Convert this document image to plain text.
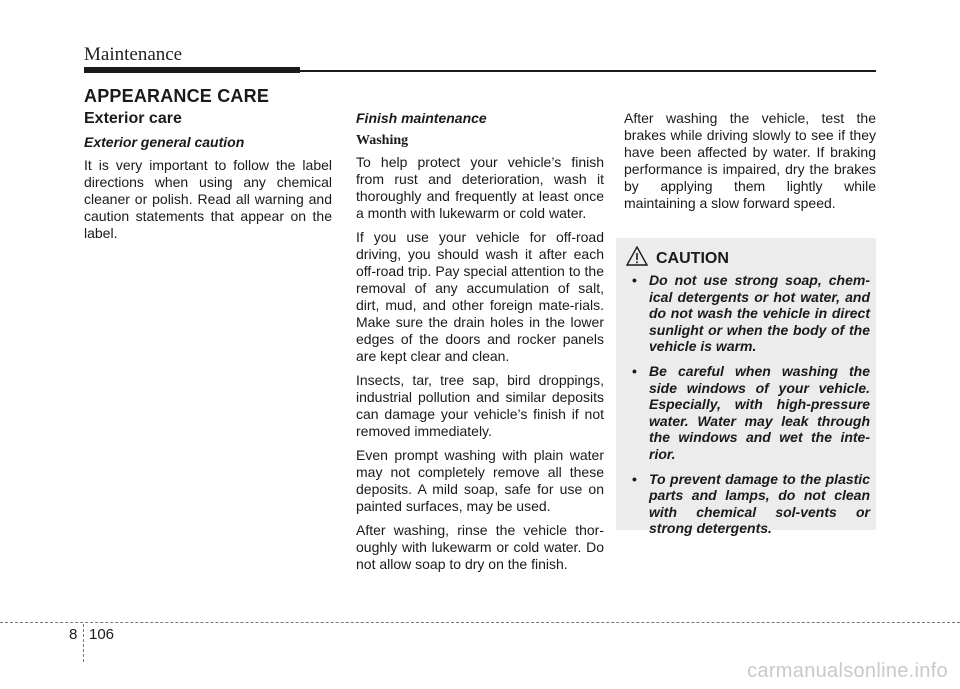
Maintenance
APPEARANCE CARE
Exterior care
Exterior general caution

It is very important to follow the label directions when using any chemical cleaner or polish. Read all warning and caution statements that appear on the label.

Finish maintenance
Washing

To help protect your vehicle’s finish from rust and deterioration, wash it thoroughly and frequently at least once a month with lukewarm or cold water.

If you use your vehicle for off-road driving, you should wash it after each off-road trip. Pay special attention to the removal of any accumulation of salt, dirt, mud, and other foreign mate-rials. Make sure the drain holes in the lower edges of the doors and rocker panels are kept clear and clean.

Insects, tar, tree sap, bird droppings, industrial pollution and similar deposits can damage your vehicle’s finish if not removed immediately.

Even prompt washing with plain water may not completely remove all these deposits. A mild soap, safe for use on painted surfaces, may be used.

After washing, rinse the vehicle thor-oughly with lukewarm or cold water. Do not allow soap to dry on the finish.

After washing the vehicle, test the brakes while driving slowly to see if they have been affected by water. If braking performance is impaired, dry the brakes by applying them lightly while maintaining a slow forward speed.

CAUTION
• Do not use strong soap, chem-ical detergents or hot water, and do not wash the vehicle in direct sunlight or when the body of the vehicle is warm.
• Be careful when washing the side windows of your vehicle. Especially, with high-pressure water. Water may leak through the windows and wet the inte-rior.
• To prevent damage to the plastic parts and lamps, do not clean with chemical sol-vents or strong detergents.
8 106
carmanualsonline.info
